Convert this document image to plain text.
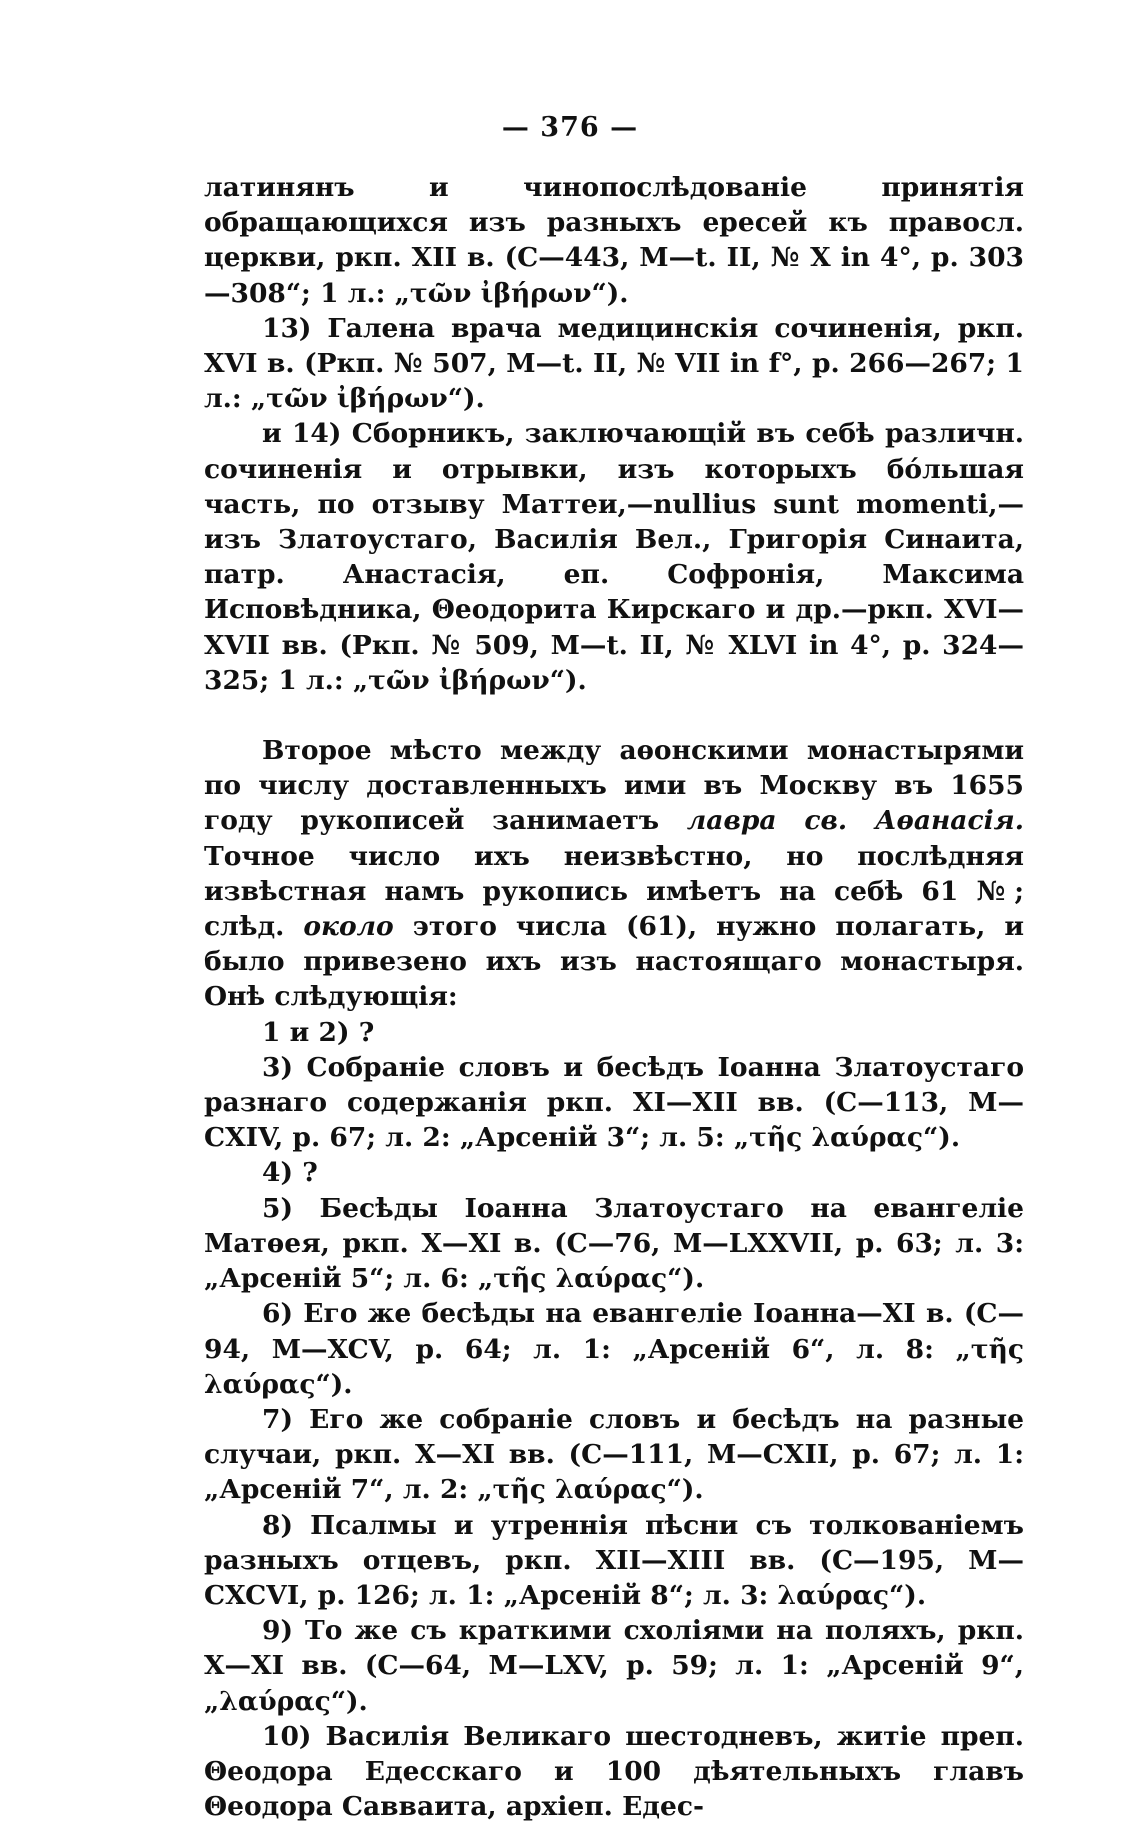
— 376 —

латинянъ и чинопослѣдованіе принятія обращающихся изъ разныхъ ересей къ правосл. церкви, ркп. XII в. (С—443, М—t. II, № X in 4°, p. 303—308“; 1 л.: „τῶν ἰβήρων“).

13) Галена врача медицинскія сочиненія, ркп. XVI в. (Ркп. № 507, М—t. II, № VII in f°, p. 266—267; 1 л.: „τῶν ἰβήρων“).

и 14) Сборникъ, заключающій въ себѣ различн. сочиненія и отрывки, изъ которыхъ бо́льшая часть, по отзыву Маттеи,—nullius sunt momenti,—изъ Златоустаго, Василія Вел., Григорія Синаита, патр. Анастасія, еп. Софронія, Максима Исповѣдника, Θеодорита Кирскаго и др.—ркп. XVI—XVII вв. (Ркп. № 509, М—t. II, № XLVI in 4°, p. 324—325; 1 л.: „τῶν ἰβήρων“).

Второе мѣсто между аѳонскими монастырями по числу доставленныхъ ими въ Москву въ 1655 году рукописей занимаетъ лавра св. Аѳанасія. Точное число ихъ неизвѣстно, но послѣдняя извѣстная намъ рукопись имѣетъ на себѣ 61 №; слѣд. около этого числа (61), нужно полагать, и было привезено ихъ изъ настоящаго монастыря. Онѣ слѣдующія:

1 и 2) ?

3) Собраніе словъ и бесѣдъ Іоанна Златоустаго разнаго содержанія ркп. XI—XII вв. (С—113, М—CXIV, p. 67; л. 2: „Арсеній 3“; л. 5: „τῆς λαύρας“).

4) ?

5) Бесѣды Іоанна Златоустаго на евангеліе Матѳея, ркп. X—XI в. (С—76, М—LXXVII, p. 63; л. 3: „Арсеній 5“; л. 6: „τῆς λαύρας“).

6) Его же бесѣды на евангеліе Іоанна—XI в. (С—94, М—XCV, p. 64; л. 1: „Арсеній 6“, л. 8: „τῆς λαύρας“).

7) Его же собраніе словъ и бесѣдъ на разные случаи, ркп. X—XI вв. (С—111, М—CXII, p. 67; л. 1: „Арсеній 7“, л. 2: „τῆς λαύρας“).

8) Псалмы и утреннія пѣсни съ толкованіемъ разныхъ отцевъ, ркп. XII—XIII вв. (С—195, М—CXCVI, p. 126; л. 1: „Арсеній 8“; л. 3: λαύρας“).

9) То же съ краткими схоліями на поляхъ, ркп. X—XI вв. (С—64, М—LXV, p. 59; л. 1: „Арсеній 9“, „λαύρας“).

10) Василія Великаго шестодневъ, житіе преп. Θеодора Едесскаго и 100 дѣятельныхъ главъ Θеодора Саввaита, архіеп. Едес-
